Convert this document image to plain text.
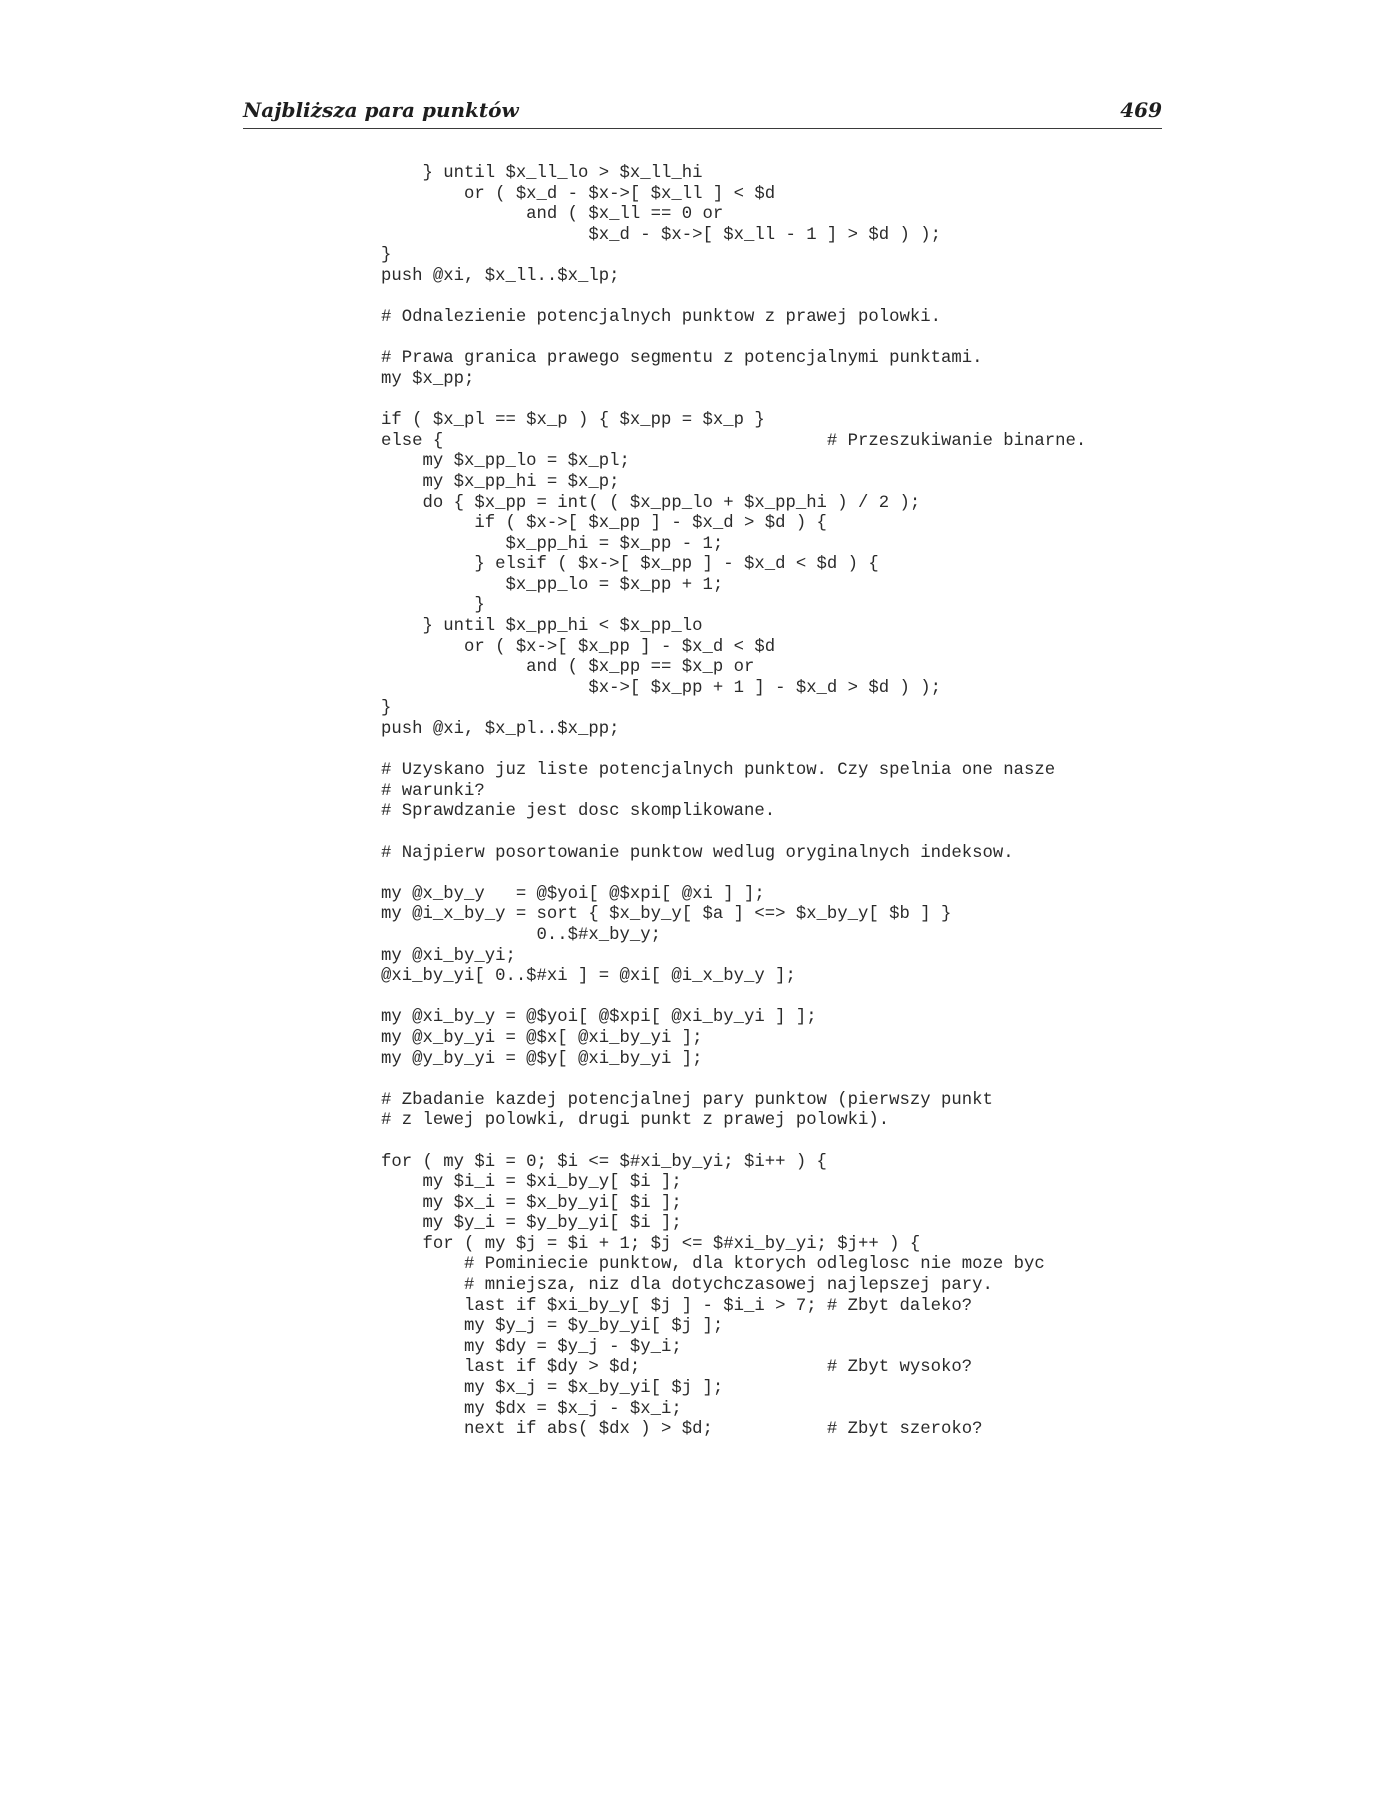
Najbliższa para punktów	469
} until $x_ll_lo > $x_ll_hi
or ( $x_d - $x->[ $x_ll ] < $d
and ( $x_ll == 0 or
$x_d - $x->[ $x_ll - 1 ] > $d ) );
}
push @xi, $x_ll..$x_lp;
# Odnalezienie potencjalnych punktow z prawej polowki.
# Prawa granica prawego segmentu z potencjalnymi punktami.
my $x_pp;
if ( $x_pl == $x_p ) { $x_pp = $x_p }
else {                                     # Przeszukiwanie binarne.
my $x_pp_lo = $x_pl;
my $x_pp_hi = $x_p;
do { $x_pp = int( ( $x_pp_lo + $x_pp_hi ) / 2 );
if ( $x->[ $x_pp ] - $x_d > $d ) {
$x_pp_hi = $x_pp - 1;
} elsif ( $x->[ $x_pp ] - $x_d < $d ) {
$x_pp_lo = $x_pp + 1;
}
} until $x_pp_hi < $x_pp_lo
or ( $x->[ $x_pp ] - $x_d < $d
and ( $x_pp == $x_p or
$x->[ $x_pp + 1 ] - $x_d > $d ) );
}
push @xi, $x_pl..$x_pp;
# Uzyskano juz liste potencjalnych punktow. Czy spelnia one nasze
# warunki?
# Sprawdzanie jest dosc skomplikowane.
# Najpierw posortowanie punktow wedlug oryginalnych indeksow.
my @x_by_y   = @$yoi[ @$xpi[ @xi ] ];
my @i_x_by_y = sort { $x_by_y[ $a ] <=> $x_by_y[ $b ] }
0..$#x_by_y;
my @xi_by_yi;
@xi_by_yi[ 0..$#xi ] = @xi[ @i_x_by_y ];
my @xi_by_y = @$yoi[ @$xpi[ @xi_by_yi ] ];
my @x_by_yi = @$x[ @xi_by_yi ];
my @y_by_yi = @$y[ @xi_by_yi ];
# Zbadanie kazdej potencjalnej pary punktow (pierwszy punkt
# z lewej polowki, drugi punkt z prawej polowki).
for ( my $i = 0; $i <= $#xi_by_yi; $i++ ) {
my $i_i = $xi_by_y[ $i ];
my $x_i = $x_by_yi[ $i ];
my $y_i = $y_by_yi[ $i ];
for ( my $j = $i + 1; $j <= $#xi_by_yi; $j++ ) {
# Pominiecie punktow, dla ktorych odleglosc nie moze byc
# mniejsza, niz dla dotychczasowej najlepszej pary.
last if $xi_by_y[ $j ] - $i_i > 7; # Zbyt daleko?
my $y_j = $y_by_yi[ $j ];
my $dy = $y_j - $y_i;
last if $dy > $d;                  # Zbyt wysoko?
my $x_j = $x_by_yi[ $j ];
my $dx = $x_j - $x_i;
next if abs( $dx ) > $d;           # Zbyt szeroko?
